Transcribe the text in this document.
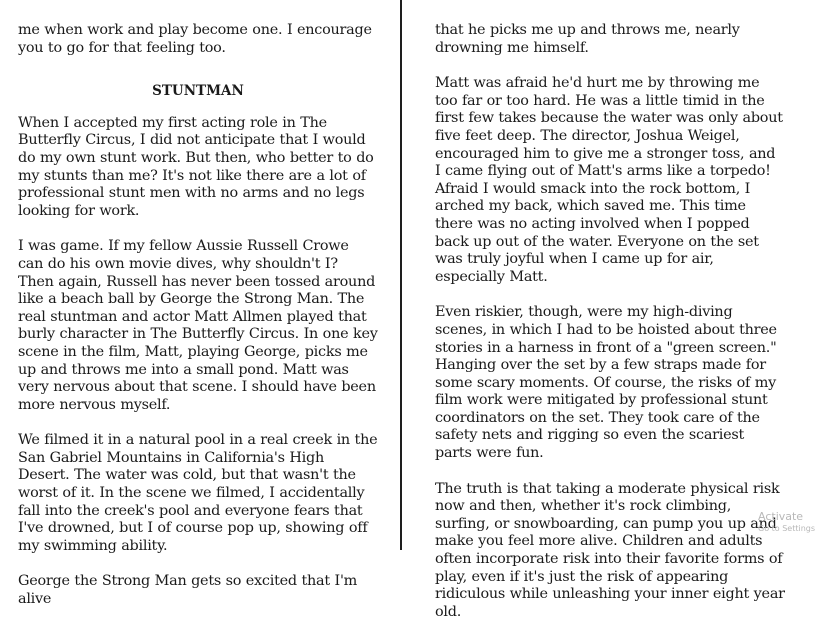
me when work and play become one. I encourage you to go for that feeling too.

STUNTMAN

When I accepted my first acting role in The Butterfly Circus, I did not anticipate that I would do my own stunt work. But then, who better to do my stunts than me? It's not like there are a lot of professional stunt men with no arms and no legs looking for work.

I was game. If my fellow Aussie Russell Crowe can do his own movie dives, why shouldn't I? Then again, Russell has never been tossed around like a beach ball by George the Strong Man. The real stuntman and actor Matt Allmen played that burly character in The Butterfly Circus. In one key scene in the film, Matt, playing George, picks me up and throws me into a small pond. Matt was very nervous about that scene. I should have been more nervous myself.

We filmed it in a natural pool in a real creek in the San Gabriel Mountains in California's High Desert. The water was cold, but that wasn't the worst of it. In the scene we filmed, I accidentally fall into the creek's pool and everyone fears that I've drowned, but I of course pop up, showing off my swimming ability.

George the Strong Man gets so excited that I'm alive

that he picks me up and throws me, nearly drowning me himself.

Matt was afraid he'd hurt me by throwing me too far or too hard. He was a little timid in the first few takes because the water was only about five feet deep. The director, Joshua Weigel, encouraged him to give me a stronger toss, and I came flying out of Matt's arms like a torpedo! Afraid I would smack into the rock bottom, I arched my back, which saved me. This time there was no acting involved when I popped back up out of the water. Everyone on the set was truly joyful when I came up for air, especially Matt.

Even riskier, though, were my high-diving scenes, in which I had to be hoisted about three stories in a harness in front of a "green screen." Hanging over the set by a few straps made for some scary moments. Of course, the risks of my film work were mitigated by professional stunt coordinators on the set. They took care of the safety nets and rigging so even the scariest parts were fun.

The truth is that taking a moderate physical risk now and then, whether it's rock climbing, surfing, or snowboarding, can pump you up and make you feel more alive. Children and adults often incorporate risk into their favorite forms of play, even if it's just the risk of appearing ridiculous while unleashing your inner eight year old.

Activate
Go to Settings
